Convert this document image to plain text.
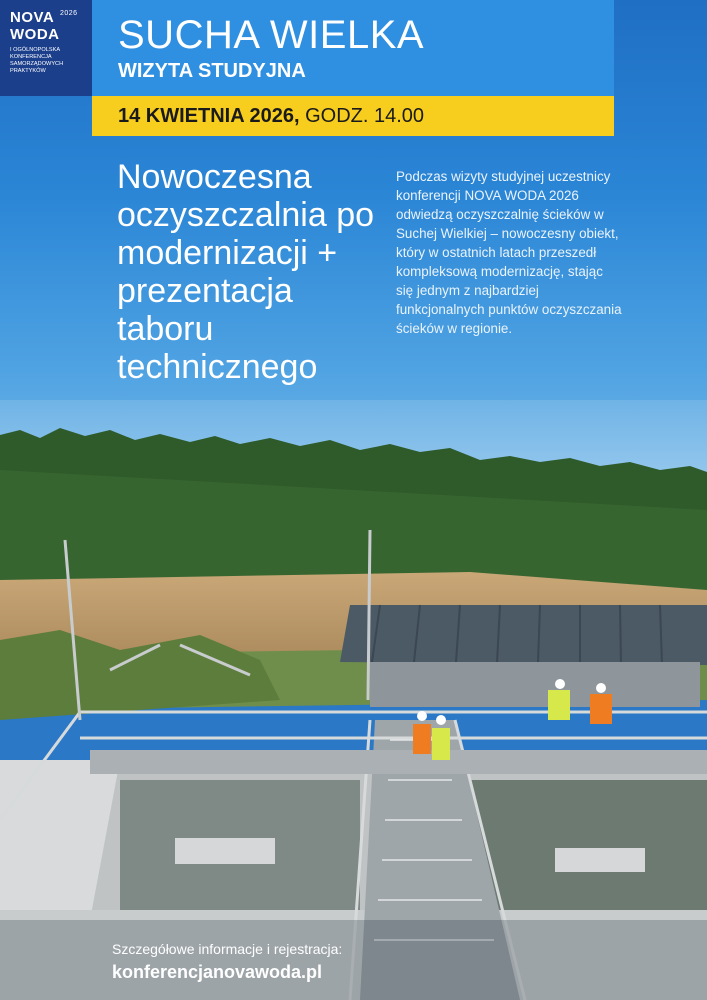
NOVA 2026
WODA
I OGÓLNOPOLSKA KONFERENCJA SAMORZĄDOWYCH PRAKTYKÓW
SUCHA WIELKA
WIZYTA STUDYJNA
14 KWIETNIA 2026, GODZ. 14.00
Nowoczesna oczyszczalnia po modernizacji + prezentacja taboru technicznego
Podczas wizyty studyjnej uczestnicy konferencji NOVA WODA 2026 odwiedzą oczyszczalnię ścieków w Suchej Wielkiej – nowoczesny obiekt, który w ostatnich latach przeszedł kompleksową modernizację, stając się jednym z najbardziej funkcjonalnych punktów oczyszczania ścieków w regionie.
Szczegółowe informacje i rejestracja:
konferencjanovawoda.pl
